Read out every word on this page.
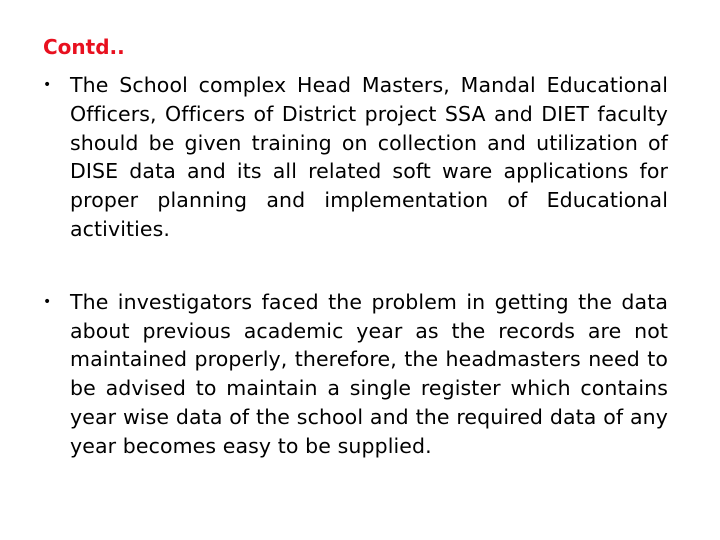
Contd..
• The School complex Head Masters, Mandal Educational Officers, Officers of District project SSA and DIET faculty should be given training on collection and utilization of DISE data and its all related soft ware applications for proper planning and implementation of Educational activities.
• The investigators faced the problem in getting the data about previous academic year as the records are not maintained properly, therefore, the headmasters need to be advised to maintain a single register which contains year wise data of the school and the required data of any year becomes easy to be supplied.
